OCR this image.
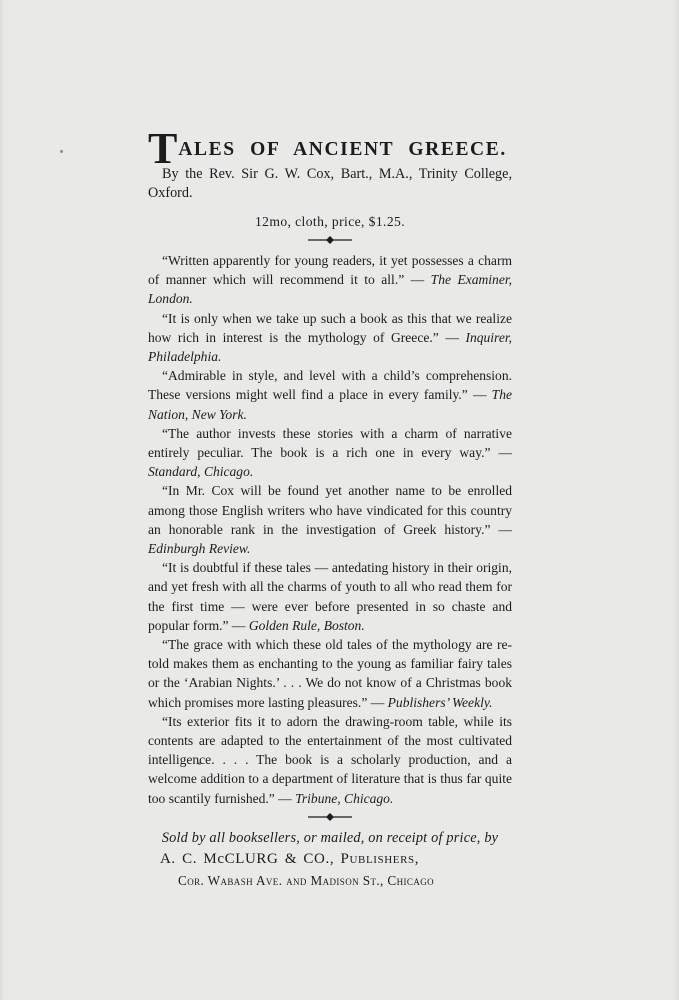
T ALES OF ANCIENT GREECE.

By the Rev. Sir G. W. Cox, Bart., M.A., Trinity College, Oxford.

12mo, cloth, price, $1.25.

“Written apparently for young readers, it yet possesses a charm of manner which will recommend it to all.” — The Examiner, London.

“It is only when we take up such a book as this that we realize how rich in interest is the mythology of Greece.” — Inquirer, Philadelphia.

“Admirable in style, and level with a child’s comprehension. These versions might well find a place in every family.” — The Nation, New York.

“The author invests these stories with a charm of narrative entirely peculiar. The book is a rich one in every way.” — Standard, Chicago.

“In Mr. Cox will be found yet another name to be enrolled among those English writers who have vindicated for this country an honorable rank in the investigation of Greek history.” — Edinburgh Review.

“It is doubtful if these tales — antedating history in their origin, and yet fresh with all the charms of youth to all who read them for the first time — were ever before presented in so chaste and popular form.” — Golden Rule, Boston.

“The grace with which these old tales of the mythology are re-told makes them as enchanting to the young as familiar fairy tales or the ‘Arabian Nights.’ . . . We do not know of a Christmas book which promises more lasting pleasures.” — Publishers’ Weekly.

“Its exterior fits it to adorn the drawing-room table, while its contents are adapted to the entertainment of the most cultivated intelligence. . . . The book is a scholarly production, and a welcome addition to a department of literature that is thus far quite too scantily furnished.” — Tribune, Chicago.

Sold by all booksellers, or mailed, on receipt of price, by

A. C. McCLURG & CO., Publishers,

Cor. Wabash Ave. and Madison St., Chicago
